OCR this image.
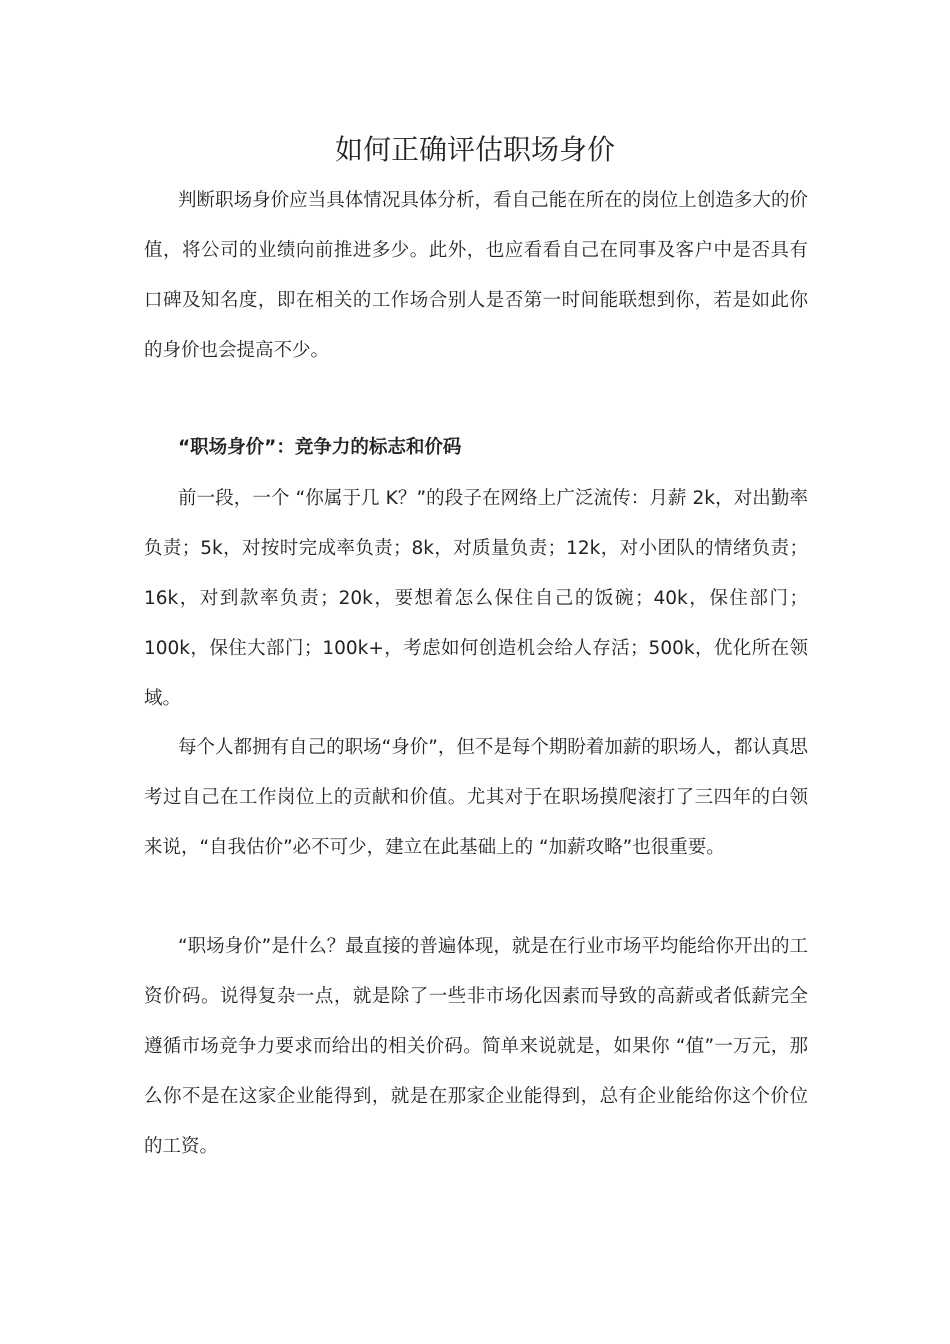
如何正确评估职场身价

判断职场身价应当具体情况具体分析，看自己能在所在的岗位上创造多大的价值，将公司的业绩向前推进多少。此外，也应看看自己在同事及客户中是否具有口碑及知名度，即在相关的工作场合别人是否第一时间能联想到你，若是如此你的身价也会提高不少。

“职场身价”：竞争力的标志和价码

前一段，一个 “你属于几 K？”的段子在网络上广泛流传：月薪 2k，对出勤率负责；5k，对按时完成率负责；8k，对质量负责；12k，对小团队的情绪负责；16k，对到款率负责；20k，要想着怎么保住自己的饭碗；40k，保住部门；100k，保住大部门；100k+，考虑如何创造机会给人存活；500k，优化所在领域。

每个人都拥有自己的职场“身价”，但不是每个期盼着加薪的职场人，都认真思考过自己在工作岗位上的贡献和价值。尤其对于在职场摸爬滚打了三四年的白领来说，“自我估价”必不可少，建立在此基础上的 “加薪攻略”也很重要。

“职场身价”是什么？最直接的普遍体现，就是在行业市场平均能给你开出的工资价码。说得复杂一点，就是除了一些非市场化因素而导致的高薪或者低薪完全遵循市场竞争力要求而给出的相关价码。简单来说就是，如果你 “值”一万元，那么你不是在这家企业能得到，就是在那家企业能得到，总有企业能给你这个价位的工资。
